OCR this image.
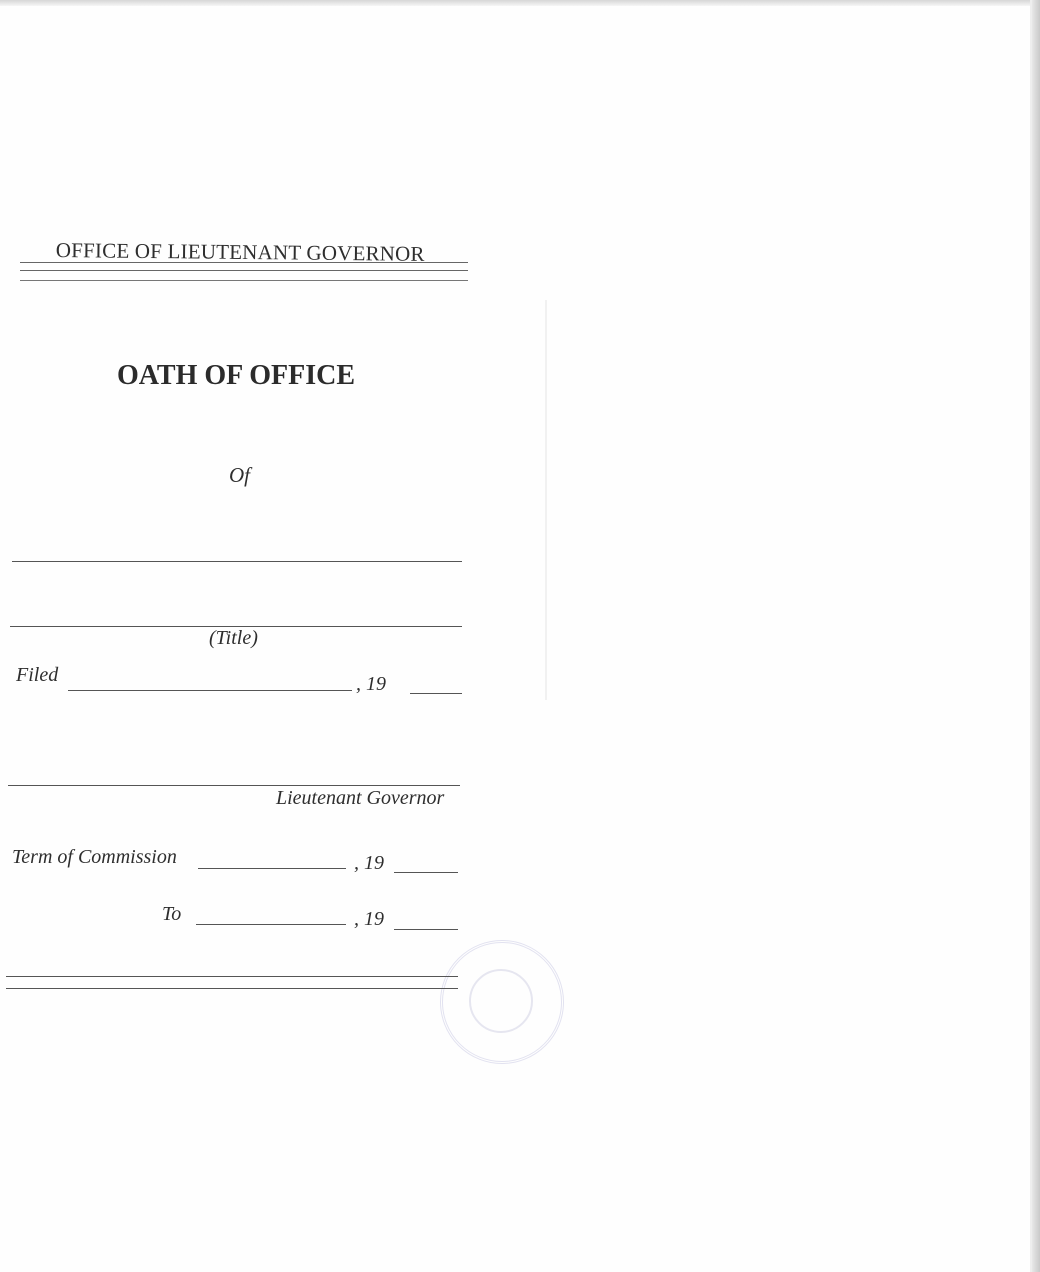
OFFICE OF LIEUTENANT GOVERNOR
OATH OF OFFICE
Of
(Title)
Filed	, 19
Lieutenant Governor
Term of Commission	, 19
To	, 19
